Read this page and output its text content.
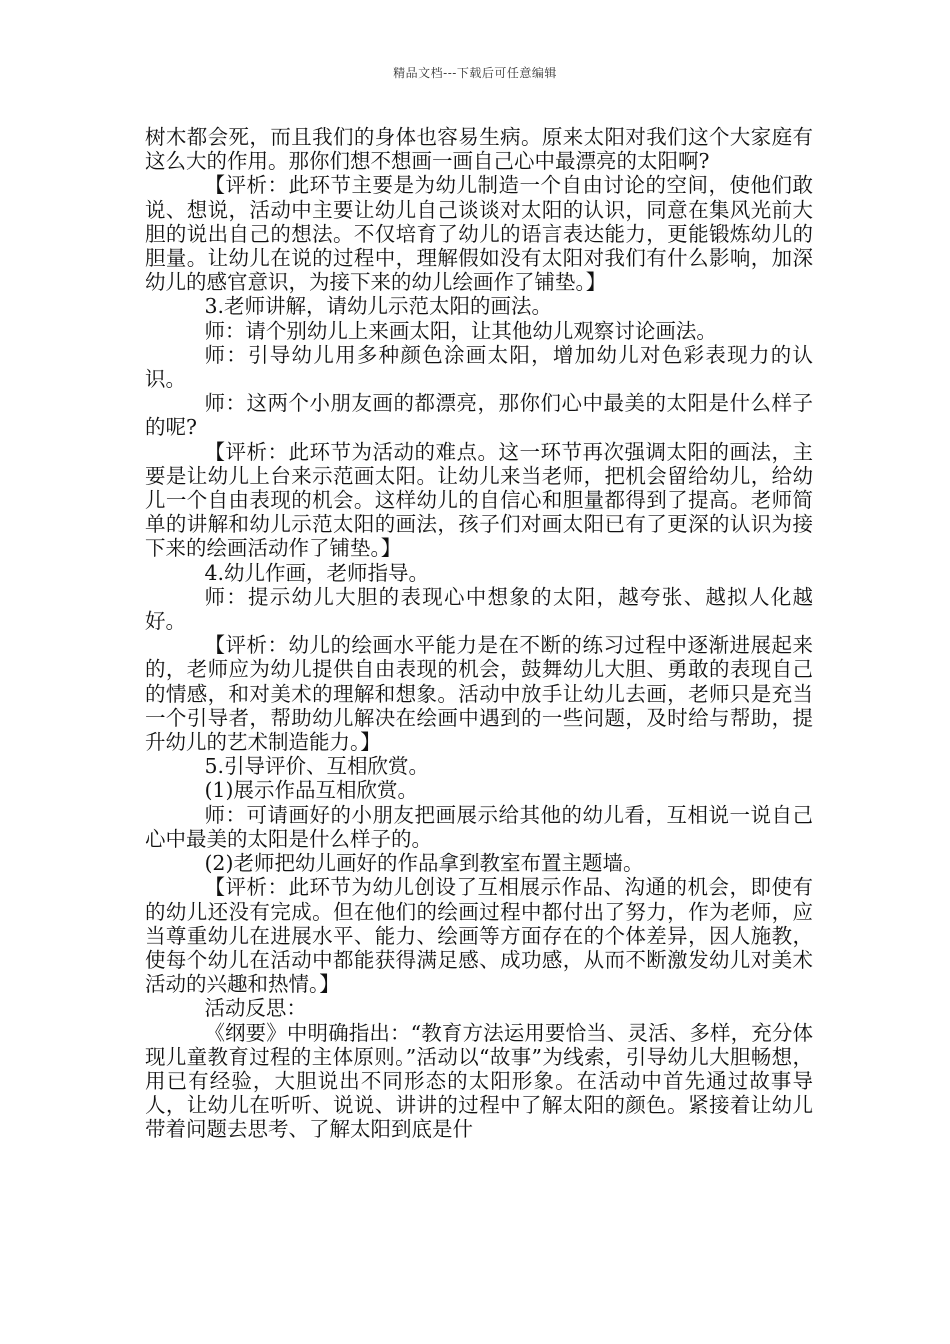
精品文档---下载后可任意编辑

树木都会死，而且我们的身体也容易生病。原来太阳对我们这个大家庭有这么大的作用。那你们想不想画一画自己心中最漂亮的太阳啊?

【评析：此环节主要是为幼儿制造一个自由讨论的空间，使他们敢说、想说，活动中主要让幼儿自己谈谈对太阳的认识，同意在集风光前大胆的说出自己的想法。不仅培育了幼儿的语言表达能力，更能锻炼幼儿的胆量。让幼儿在说的过程中，理解假如没有太阳对我们有什么影响，加深幼儿的感官意识，为接下来的幼儿绘画作了铺垫。】

3.老师讲解，请幼儿示范太阳的画法。

师：请个别幼儿上来画太阳，让其他幼儿观察讨论画法。

师：引导幼儿用多种颜色涂画太阳，增加幼儿对色彩表现力的认识。

师：这两个小朋友画的都漂亮，那你们心中最美的太阳是什么样子的呢?

【评析：此环节为活动的难点。这一环节再次强调太阳的画法，主要是让幼儿上台来示范画太阳。让幼儿来当老师，把机会留给幼儿，给幼儿一个自由表现的机会。这样幼儿的自信心和胆量都得到了提高。老师简单的讲解和幼儿示范太阳的画法，孩子们对画太阳已有了更深的认识为接下来的绘画活动作了铺垫。】

4.幼儿作画，老师指导。

师：提示幼儿大胆的表现心中想象的太阳，越夸张、越拟人化越好。

【评析：幼儿的绘画水平能力是在不断的练习过程中逐渐进展起来的，老师应为幼儿提供自由表现的机会，鼓舞幼儿大胆、勇敢的表现自己的情感，和对美术的理解和想象。活动中放手让幼儿去画，老师只是充当一个引导者，帮助幼儿解决在绘画中遇到的一些问题，及时给与帮助，提升幼儿的艺术制造能力。】

5.引导评价、互相欣赏。

(1)展示作品互相欣赏。

师：可请画好的小朋友把画展示给其他的幼儿看，互相说一说自己心中最美的太阳是什么样子的。

(2)老师把幼儿画好的作品拿到教室布置主题墙。

【评析：此环节为幼儿创设了互相展示作品、沟通的机会，即使有的幼儿还没有完成。但在他们的绘画过程中都付出了努力，作为老师，应当尊重幼儿在进展水平、能力、绘画等方面存在的个体差异，因人施教，使每个幼儿在活动中都能获得满足感、成功感，从而不断激发幼儿对美术活动的兴趣和热情。】

活动反思：

《纲要》中明确指出：“教育方法运用要恰当、灵活、多样，充分体现儿童教育过程的主体原则。”活动以“故事”为线索，引导幼儿大胆畅想，用已有经验，大胆说出不同形态的太阳形象。在活动中首先通过故事导人，让幼儿在听听、说说、讲讲的过程中了解太阳的颜色。紧接着让幼儿带着问题去思考、了解太阳到底是什
